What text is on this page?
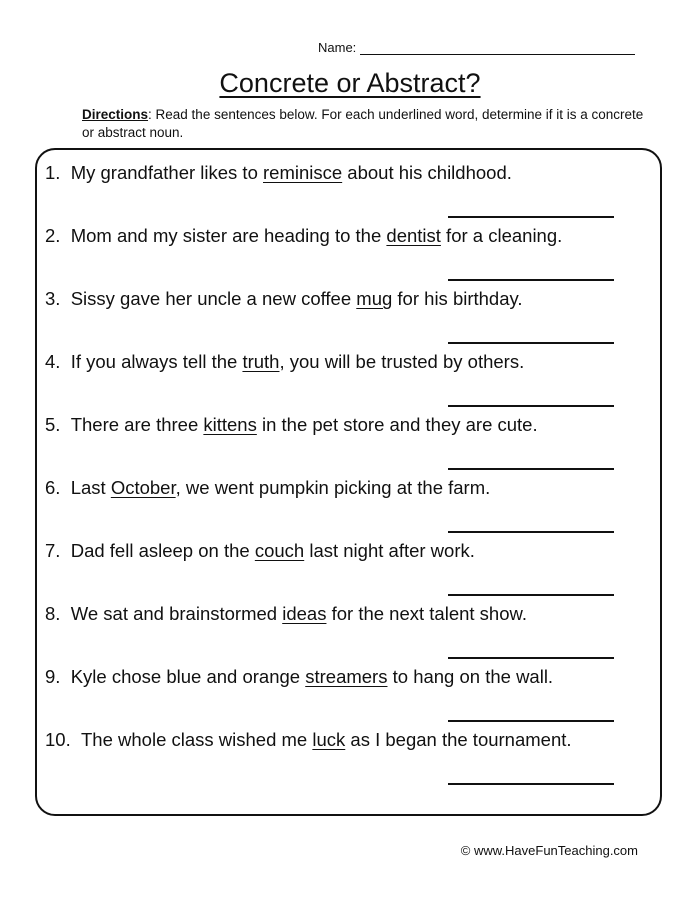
Name:
Concrete or Abstract?
Directions: Read the sentences below. For each underlined word, determine if it is a concrete or abstract noun.
1.  My grandfather likes to reminisce about his childhood.
2.  Mom and my sister are heading to the dentist for a cleaning.
3.  Sissy gave her uncle a new coffee mug for his birthday.
4.  If you always tell the truth, you will be trusted by others.
5.  There are three kittens in the pet store and they are cute.
6.  Last October, we went pumpkin picking at the farm.
7.  Dad fell asleep on the couch last night after work.
8.  We sat and brainstormed ideas for the next talent show.
9.  Kyle chose blue and orange streamers to hang on the wall.
10.  The whole class wished me luck as I began the tournament.
© www.HaveFunTeaching.com
